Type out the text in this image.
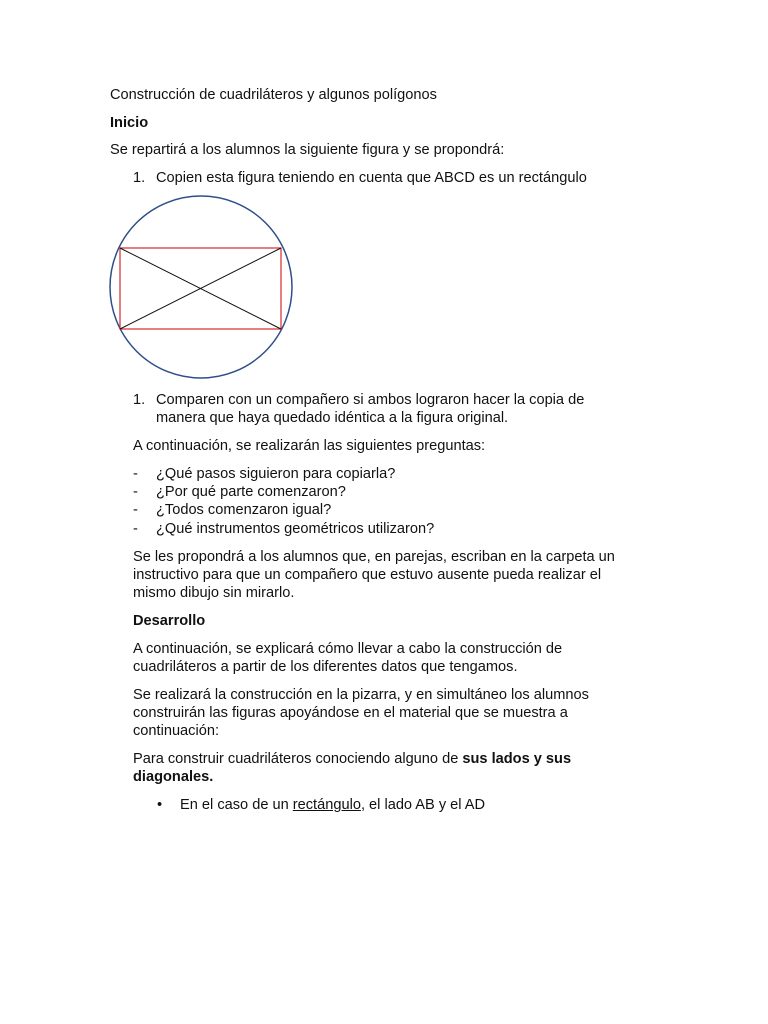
Construcción de cuadriláteros y algunos polígonos
Inicio
Se repartirá a los alumnos la siguiente figura y se propondrá:
1. Copien esta figura teniendo en cuenta que ABCD es un rectángulo
1. Comparen con un compañero si ambos lograron hacer la copia de
manera que haya quedado idéntica a la figura original.
A continuación, se realizarán las siguientes preguntas:
- ¿Qué pasos siguieron para copiarla?
- ¿Por qué parte comenzaron?
- ¿Todos comenzaron igual?
- ¿Qué instrumentos geométricos utilizaron?
Se les propondrá a los alumnos que, en parejas, escriban en la carpeta un
instructivo para que un compañero que estuvo ausente pueda realizar el
mismo dibujo sin mirarlo.
Desarrollo
A continuación, se explicará cómo llevar a cabo la construcción de
cuadriláteros a partir de los diferentes datos que tengamos.
Se realizará la construcción en la pizarra, y en simultáneo los alumnos
construirán las figuras apoyándose en el material que se muestra a
continuación:
Para construir cuadriláteros conociendo alguno de sus lados y sus
diagonales.
• En el caso de un rectángulo, el lado AB y el AD
